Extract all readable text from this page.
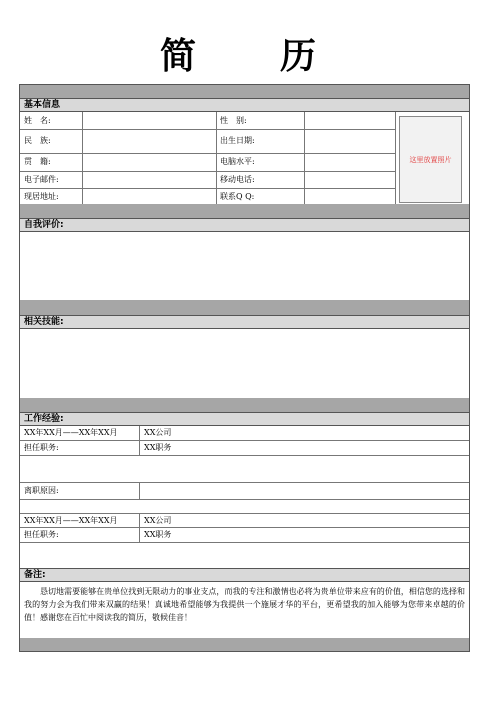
简　历
基本信息
姓　名:	性　别:
民　族:	出生日期:
贯　籍:	电脑水平:
电子邮件:	移动电话:
现居地址:	联系Q Q:
这里放置照片
自我评价:
相关技能:
工作经验:
XX年XX月——XX年XX月	XX公司
担任职务:	XX职务
离职原因:
XX年XX月——XX年XX月	XX公司
担任职务:	XX职务
备注:
恳切地需要能够在贵单位找到无限动力的事业支点，而我的专注和激情也必将为贵单位带来应有的价值，相信您的选择和我的努力会为我们带来双赢的结果！真诚地希望能够为我提供一个施展才华的平台，更希望我的加入能够为您带来卓越的价值！感谢您在百忙中阅读我的简历，敬候佳音！
